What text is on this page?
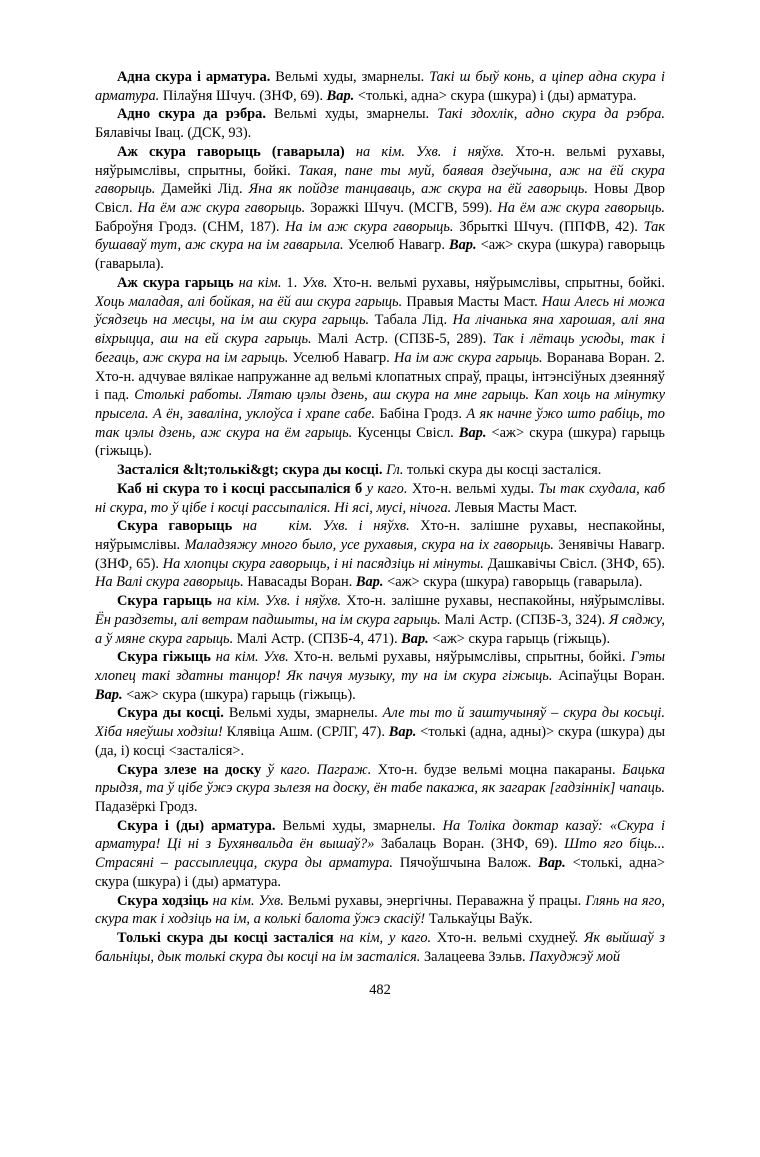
Адна скура і арматура. Вельмі худы, змарнелы. Такі ш быў конь, а ціпер адна скура і арматура. Пілаўня Шчуч. (ЗНФ, 69). Вар. <толькі, адна> скура (шкура) і (ды) арматура.

Адно скура да рэбра. Вельмі худы, змарнелы. Такі здохлік, адно скура да рэбра. Бялавічы Івац. (ДСК, 93).

Аж скура гаворыць (гаварыла) на кім. Ухв. і няўхв. Хто-н. вельмі рухавы, няўрымслівы, спрытны, бойкі. Такая, пане ты муй, баявая дзеўчына, аж на ёй скура гаворыць. Дамейкі Лід. Яна як пойдзе танцаваць, аж скура на ёй гаворыць. Новы Двор Свісл. На ём аж скура гаворыць. Зоражкі Шчуч. (МСГВ, 599). На ём аж скура гаворыць. Баброўня Гродз. (СНМ, 187). На ім аж скура гаворыць. Збрыткі Шчуч. (ППФВ, 42). Так бушаваў тут, аж скура на ім гаварыла. Уселюб Навагр. Вар. <аж> скура (шкура) гаворыць (гаварыла).

Аж скура гарыць на кім. 1. Ухв. Хто-н. вельмі рухавы, няўрымслівы, спрытны, бойкі. Хоць маладая, алі бойкая, на ёй аш скура гарыць. Правыя Масты Маст. Наш Алесь ні можа ўсядзець на месцы, на ім аш скура гарыць. Табала Лід. На лічанька яна харошая, алі яна віхрыцца, аш на ей скура гарыць. Малі Астр. (СПЗБ-5, 289). Так і лётаць усюды, так і бегаць, аж скура на ім гарыць. Уселюб Навагр. На ім аж скура гарыць. Воранава Воран. 2. Хто-н. адчувае вялікае напружанне ад вельмі клопатных спраў, працы, інтэнсіўных дзеянняў і пад. Столькі работы. Лятаю цэлы дзень, аш скура на мне гарыць. Кап хоць на мінутку прысела. А ён, заваліна, уклоўса і храпе сабе. Бабіна Гродз. А як начне ўжо што рабіць, то так цэлы дзень, аж скура на ём гарыць. Кусенцы Свісл. Вар. <аж> скура (шкура) гарыць (гіжыць).

Засталіся &lt;толькі&gt; скура ды косці. Гл. толькі скура ды косці засталіся.

Каб ні скура то і косці рассыпаліся б у каго. Хто-н. вельмі худы. Ты так схудала, каб ні скура, то ў цібе і косці рассыпаліся. Ні ясі, мусі, нічога. Левыя Масты Маст.

Скура гаворыць на   кім. Ухв. і няўхв. Хто-н. залішне рухавы, неспакойны, няўрымслівы. Маладзяжу много было, усе рухавыя, скура на іх гаворыць. Зенявічы Навагр. (ЗНФ, 65). На хлопцы скура гаворыць, і ні пасядзіць ні мінуты. Дашкавічы Свісл. (ЗНФ, 65). На Валі скура гаворыць. Навасады Воран. Вар. <аж> скура (шкура) гаворыць (гаварыла).

Скура гарыць на кім. Ухв. і няўхв. Хто-н. залішне рухавы, неспакойны, няўрымслівы. Ён раздзеты, алі ветрам падшыты, на ім скура гарыць. Малі Астр. (СПЗБ-3, 324). Я сяджу, а ў мяне скура гарыць. Малі Астр. (СПЗБ-4, 471). Вар. <аж> скура гарыць (гіжыць).

Скура гіжыць на кім. Ухв. Хто-н. вельмі рухавы, няўрымслівы, спрытны, бойкі. Гэты хлопец такі здатны танцор! Як пачуя музыку, ту на ім скура гіжыць. Асіпаўцы Воран. Вар. <аж> скура (шкура) гарыць (гіжыць).

Скура ды косці. Вельмі худы, змарнелы. Але ты то й заштучыняў – скура ды косьці. Хіба няеўшы ходзіш! Клявіца Ашм. (СРЛГ, 47). Вар. <толькі (адна, адны)> скура (шкура) ды (да, і) косці <засталіся>.

Скура злезе на доску ў каго. Паграж. Хто-н. будзе вельмі моцна пакараны. Бацька прыдзя, та ў цібе ўжэ скура зьлезя на доску, ён табе пакажа, як загарак [гадзіннік] чапаць. Падазёркі Гродз.

Скура і (ды) арматура. Вельмі худы, змарнелы. На Толіка доктар казаў: «Скура і арматура! Ці ні з Бухянвальда ён вышаў?» Забалаць Воран. (ЗНФ, 69). Што яго біць... Страсяні – рассыплецца, скура ды арматура. Пячоўшчына Валож. Вар. <толькі, адна> скура (шкура) і (ды) арматура.

Скура ходзіць на кім. Ухв. Вельмі рухавы, энергічны. Пераважна ў працы. Глянь на яго, скура так і ходзіць на ім, а колькі балота ўжэ скасіў! Талькаўцы Ваўк.

Толькі скура ды косці засталіся на кім, у каго. Хто-н. вельмі схуднеў. Як выйшаў з бальніцы, дык толькі скура ды косці на ім засталіся. Залацеева Зэльв. Пахуджэў мой

482
